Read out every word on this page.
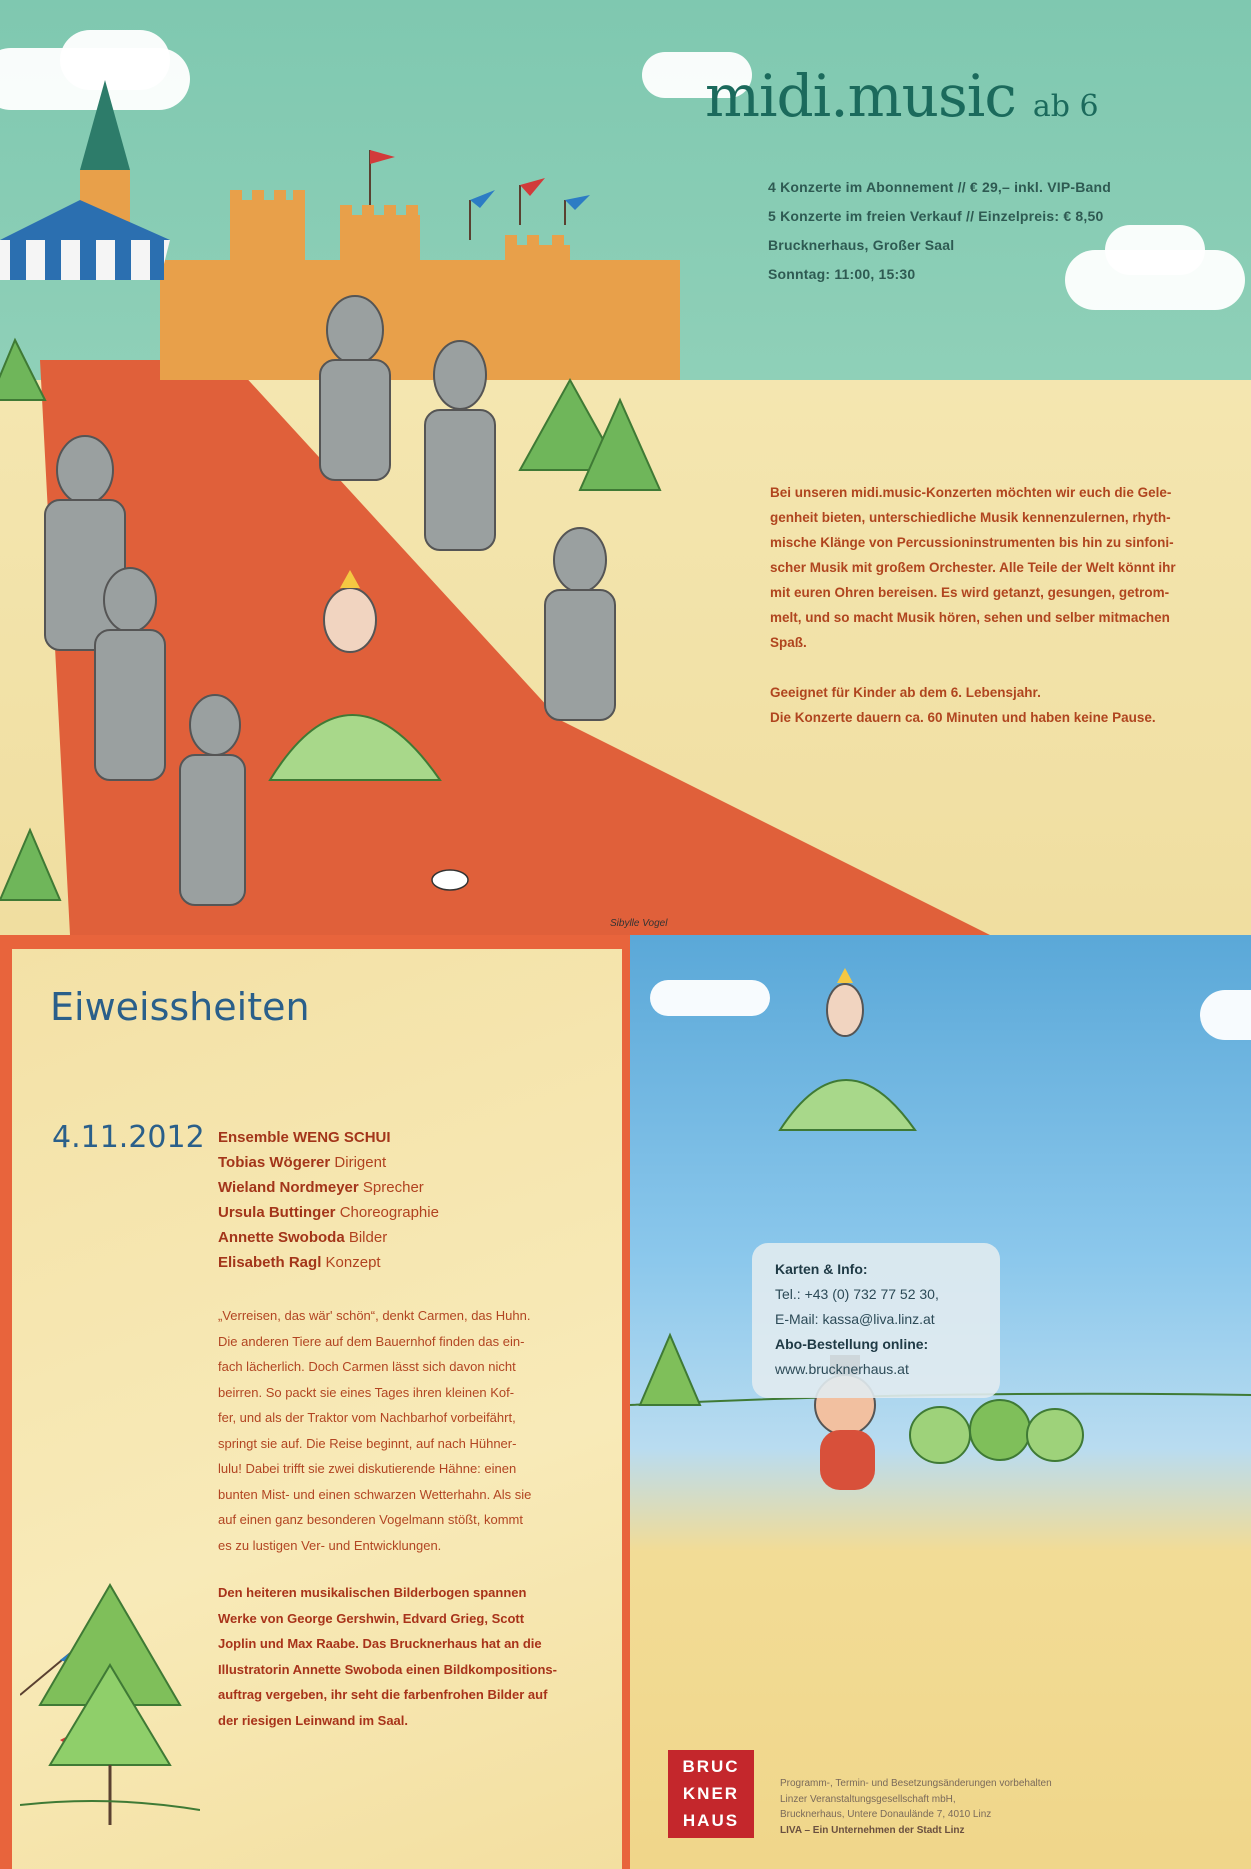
Sibylle Vogel
midi.music ab 6
4 Konzerte im Abonnement // € 29,– inkl. VIP-Band
5 Konzerte im freien Verkauf // Einzelpreis: € 8,50
Brucknerhaus, Großer Saal
Sonntag: 11:00, 15:30
Bei unseren midi.music-Konzerten möchten wir euch die Gele-
genheit bieten, unterschiedliche Musik kennenzulernen, rhyth-
mische Klänge von Percussioninstrumenten bis hin zu sinfoni-
scher Musik mit großem Orchester. Alle Teile der Welt könnt ihr
mit euren Ohren bereisen. Es wird getanzt, gesungen, getrom-
melt, und so macht Musik hören, sehen und selber mitmachen
Spaß.
Geeignet für Kinder ab dem 6. Lebensjahr.
Die Konzerte dauern ca. 60 Minuten und haben keine Pause.
Eiweissheiten
4.11.2012 Ensemble WENG SCHUI
Tobias Wögerer Dirigent
Wieland Nordmeyer Sprecher
Ursula Buttinger Choreographie
Annette Swoboda Bilder
Elisabeth Ragl Konzept
„Verreisen, das wär' schön“, denkt Carmen, das Huhn.
Die anderen Tiere auf dem Bauernhof finden das ein-
fach lächerlich. Doch Carmen lässt sich davon nicht
beirren. So packt sie eines Tages ihren kleinen Kof-
fer, und als der Traktor vom Nachbarhof vorbeifährt,
springt sie auf. Die Reise beginnt, auf nach Hühner-
lulu! Dabei trifft sie zwei diskutierende Hähne: einen
bunten Mist- und einen schwarzen Wetterhahn. Als sie
auf einen ganz besonderen Vogelmann stößt, kommt
es zu lustigen Ver- und Entwicklungen.
Den heiteren musikalischen Bilderbogen spannen
Werke von George Gershwin, Edvard Grieg, Scott
Joplin und Max Raabe. Das Brucknerhaus hat an die
Illustratorin Annette Swoboda einen Bildkompositions-
auftrag vergeben, ihr seht die farbenfrohen Bilder auf
der riesigen Leinwand im Saal.
Karten & Info:
Tel.: +43 (0) 732 77 52 30,
E-Mail: kassa@liva.linz.at
Abo-Bestellung online:
www.brucknerhaus.at
BRUC
KNER
HAUS
Programm-, Termin- und Besetzungsänderungen vorbehalten
Linzer Veranstaltungsgesellschaft mbH,
Brucknerhaus, Untere Donaulände 7, 4010 Linz
LIVA – Ein Unternehmen der Stadt Linz
